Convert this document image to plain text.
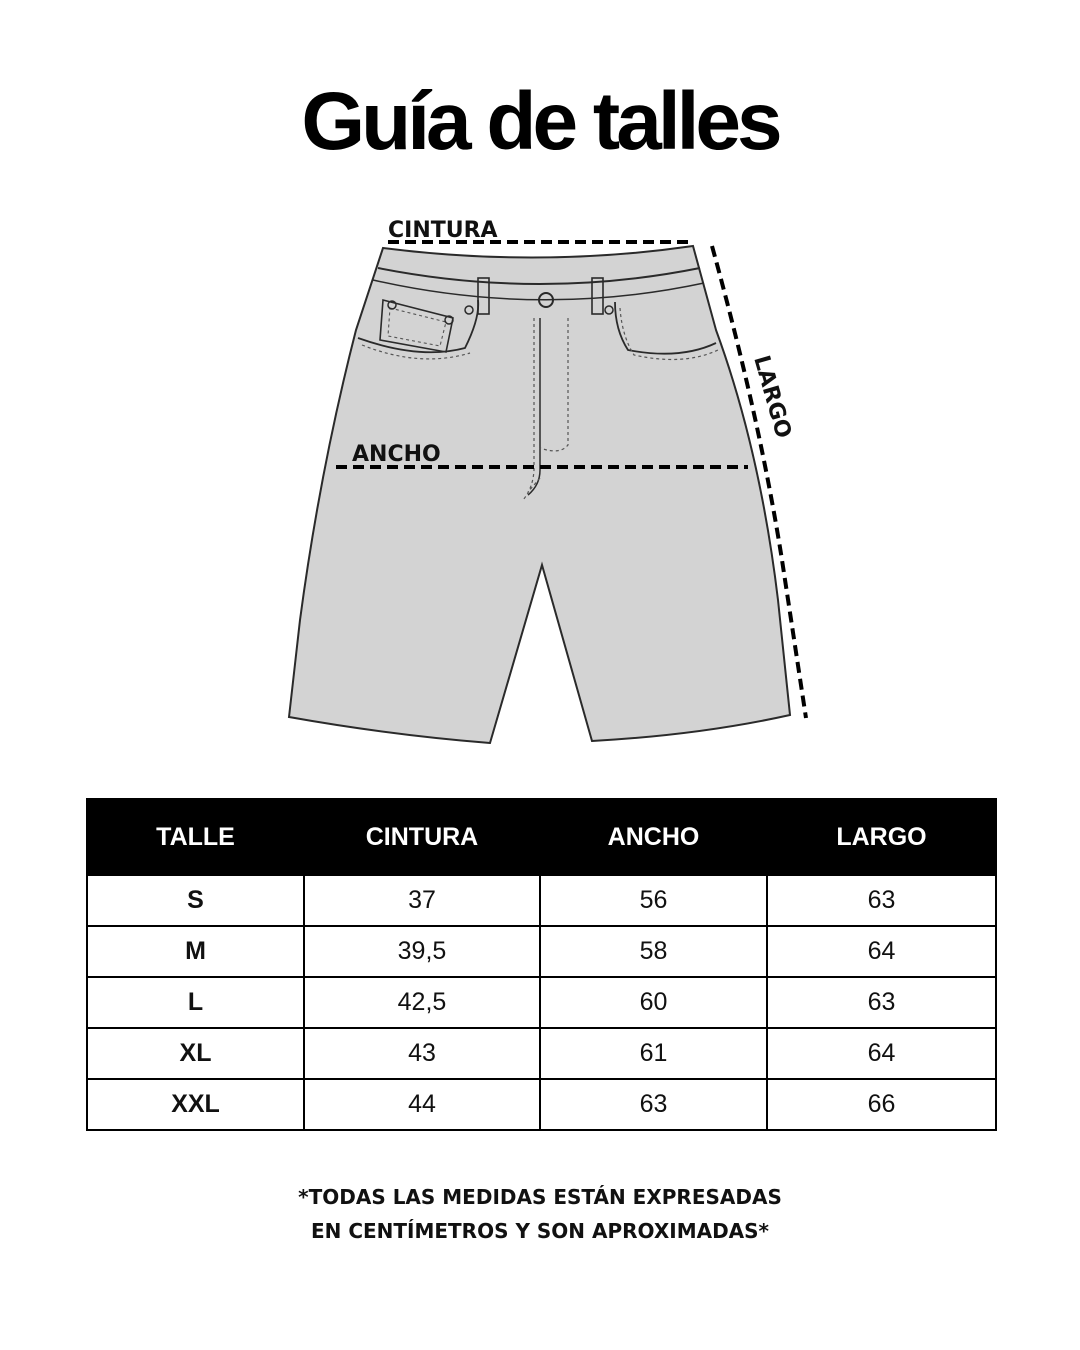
Guía de talles
CINTURA
ANCHO
LARGO
TALLE	CINTURA	ANCHO	LARGO
S	37	56	63
M	39,5	58	64
L	42,5	60	63
XL	43	61	64
XXL	44	63	66
*TODAS LAS MEDIDAS ESTÁN EXPRESADAS
EN CENTÍMETROS Y SON APROXIMADAS*
